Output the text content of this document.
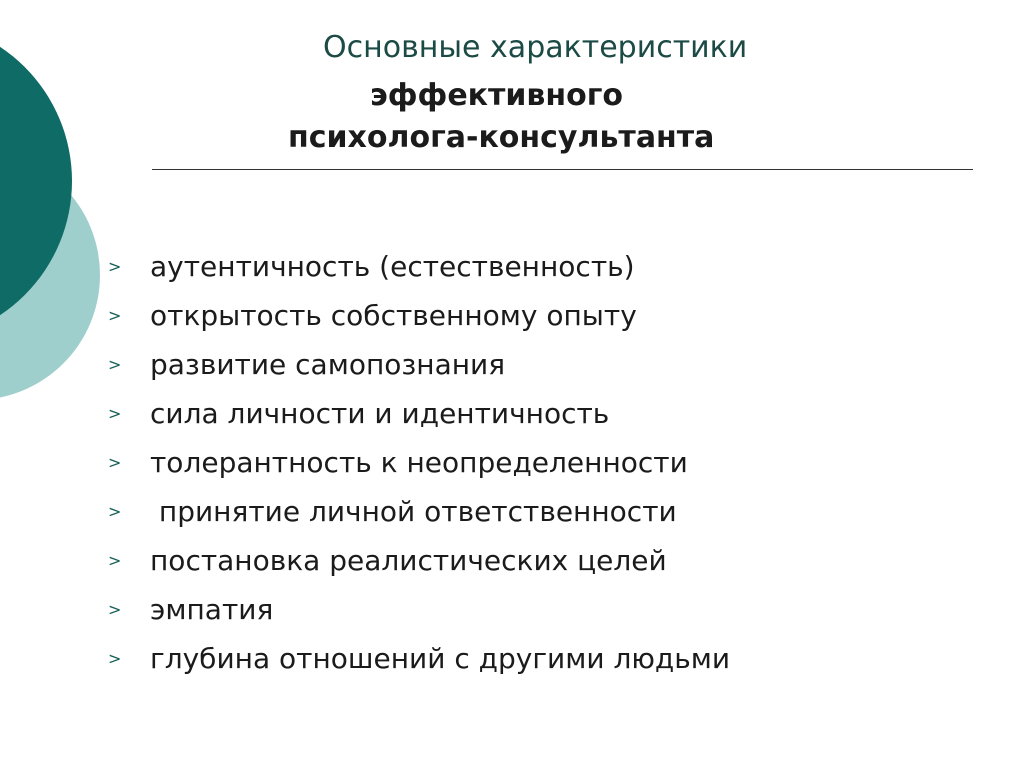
Основные характеристики
эффективного
психолога-консультанта
>	аутентичность (естественность)
>	открытость собственному опыту
>	развитие самопознания
>	сила личности и идентичность
>	толерантность к неопределенности
>	принятие личной ответственности
>	постановка реалистических целей
>	эмпатия
>	глубина отношений с другими людьми
